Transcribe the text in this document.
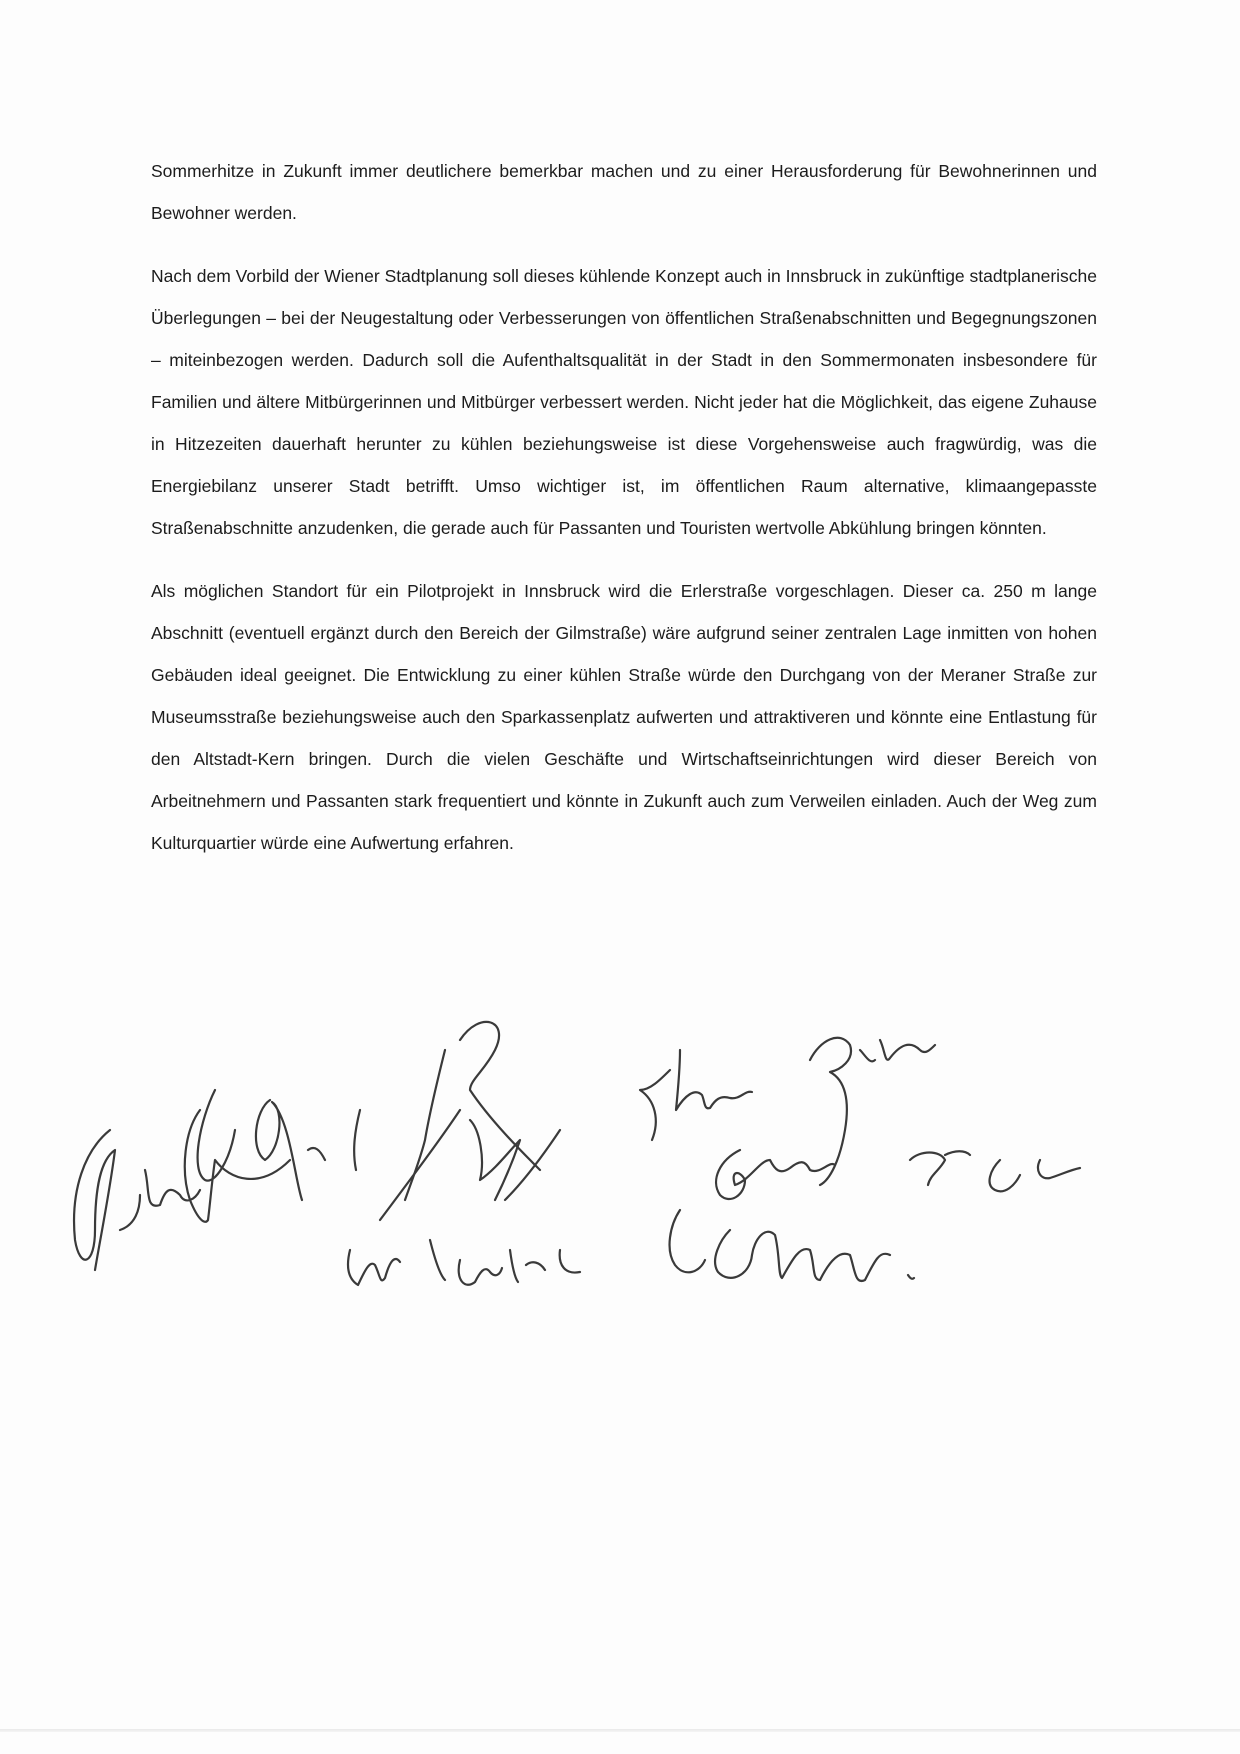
Sommerhitze in Zukunft immer deutlichere bemerkbar machen und zu einer Herausforderung für Bewohnerinnen und Bewohner werden.

Nach dem Vorbild der Wiener Stadtplanung soll dieses kühlende Konzept auch in Innsbruck in zukünftige stadtplanerische Überlegungen – bei der Neugestaltung oder Verbesserungen von öffentlichen Straßenabschnitten und Begegnungszonen – miteinbezogen werden. Dadurch soll die Aufenthaltsqualität in der Stadt in den Sommermonaten insbesondere für Familien und ältere Mitbürgerinnen und Mitbürger verbessert werden. Nicht jeder hat die Möglichkeit, das eigene Zuhause in Hitzezeiten dauerhaft herunter zu kühlen beziehungsweise ist diese Vorgehensweise auch fragwürdig, was die Energiebilanz unserer Stadt betrifft. Umso wichtiger ist, im öffentlichen Raum alternative, klimaangepasste Straßenabschnitte anzudenken, die gerade auch für Passanten und Touristen wertvolle Abkühlung bringen könnten.

Als möglichen Standort für ein Pilotprojekt in Innsbruck wird die Erlerstraße vorgeschlagen. Dieser ca. 250 m lange Abschnitt (eventuell ergänzt durch den Bereich der Gilmstraße) wäre aufgrund seiner zentralen Lage inmitten von hohen Gebäuden ideal geeignet. Die Entwicklung zu einer kühlen Straße würde den Durchgang von der Meraner Straße zur Museumsstraße beziehungsweise auch den Sparkassenplatz aufwerten und attraktiveren und könnte eine Entlastung für den Altstadt-Kern bringen. Durch die vielen Geschäfte und Wirtschaftseinrichtungen wird dieser Bereich von Arbeitnehmern und Passanten stark frequentiert und könnte in Zukunft auch zum Verweilen einladen. Auch der Weg zum Kulturquartier würde eine Aufwertung erfahren.
